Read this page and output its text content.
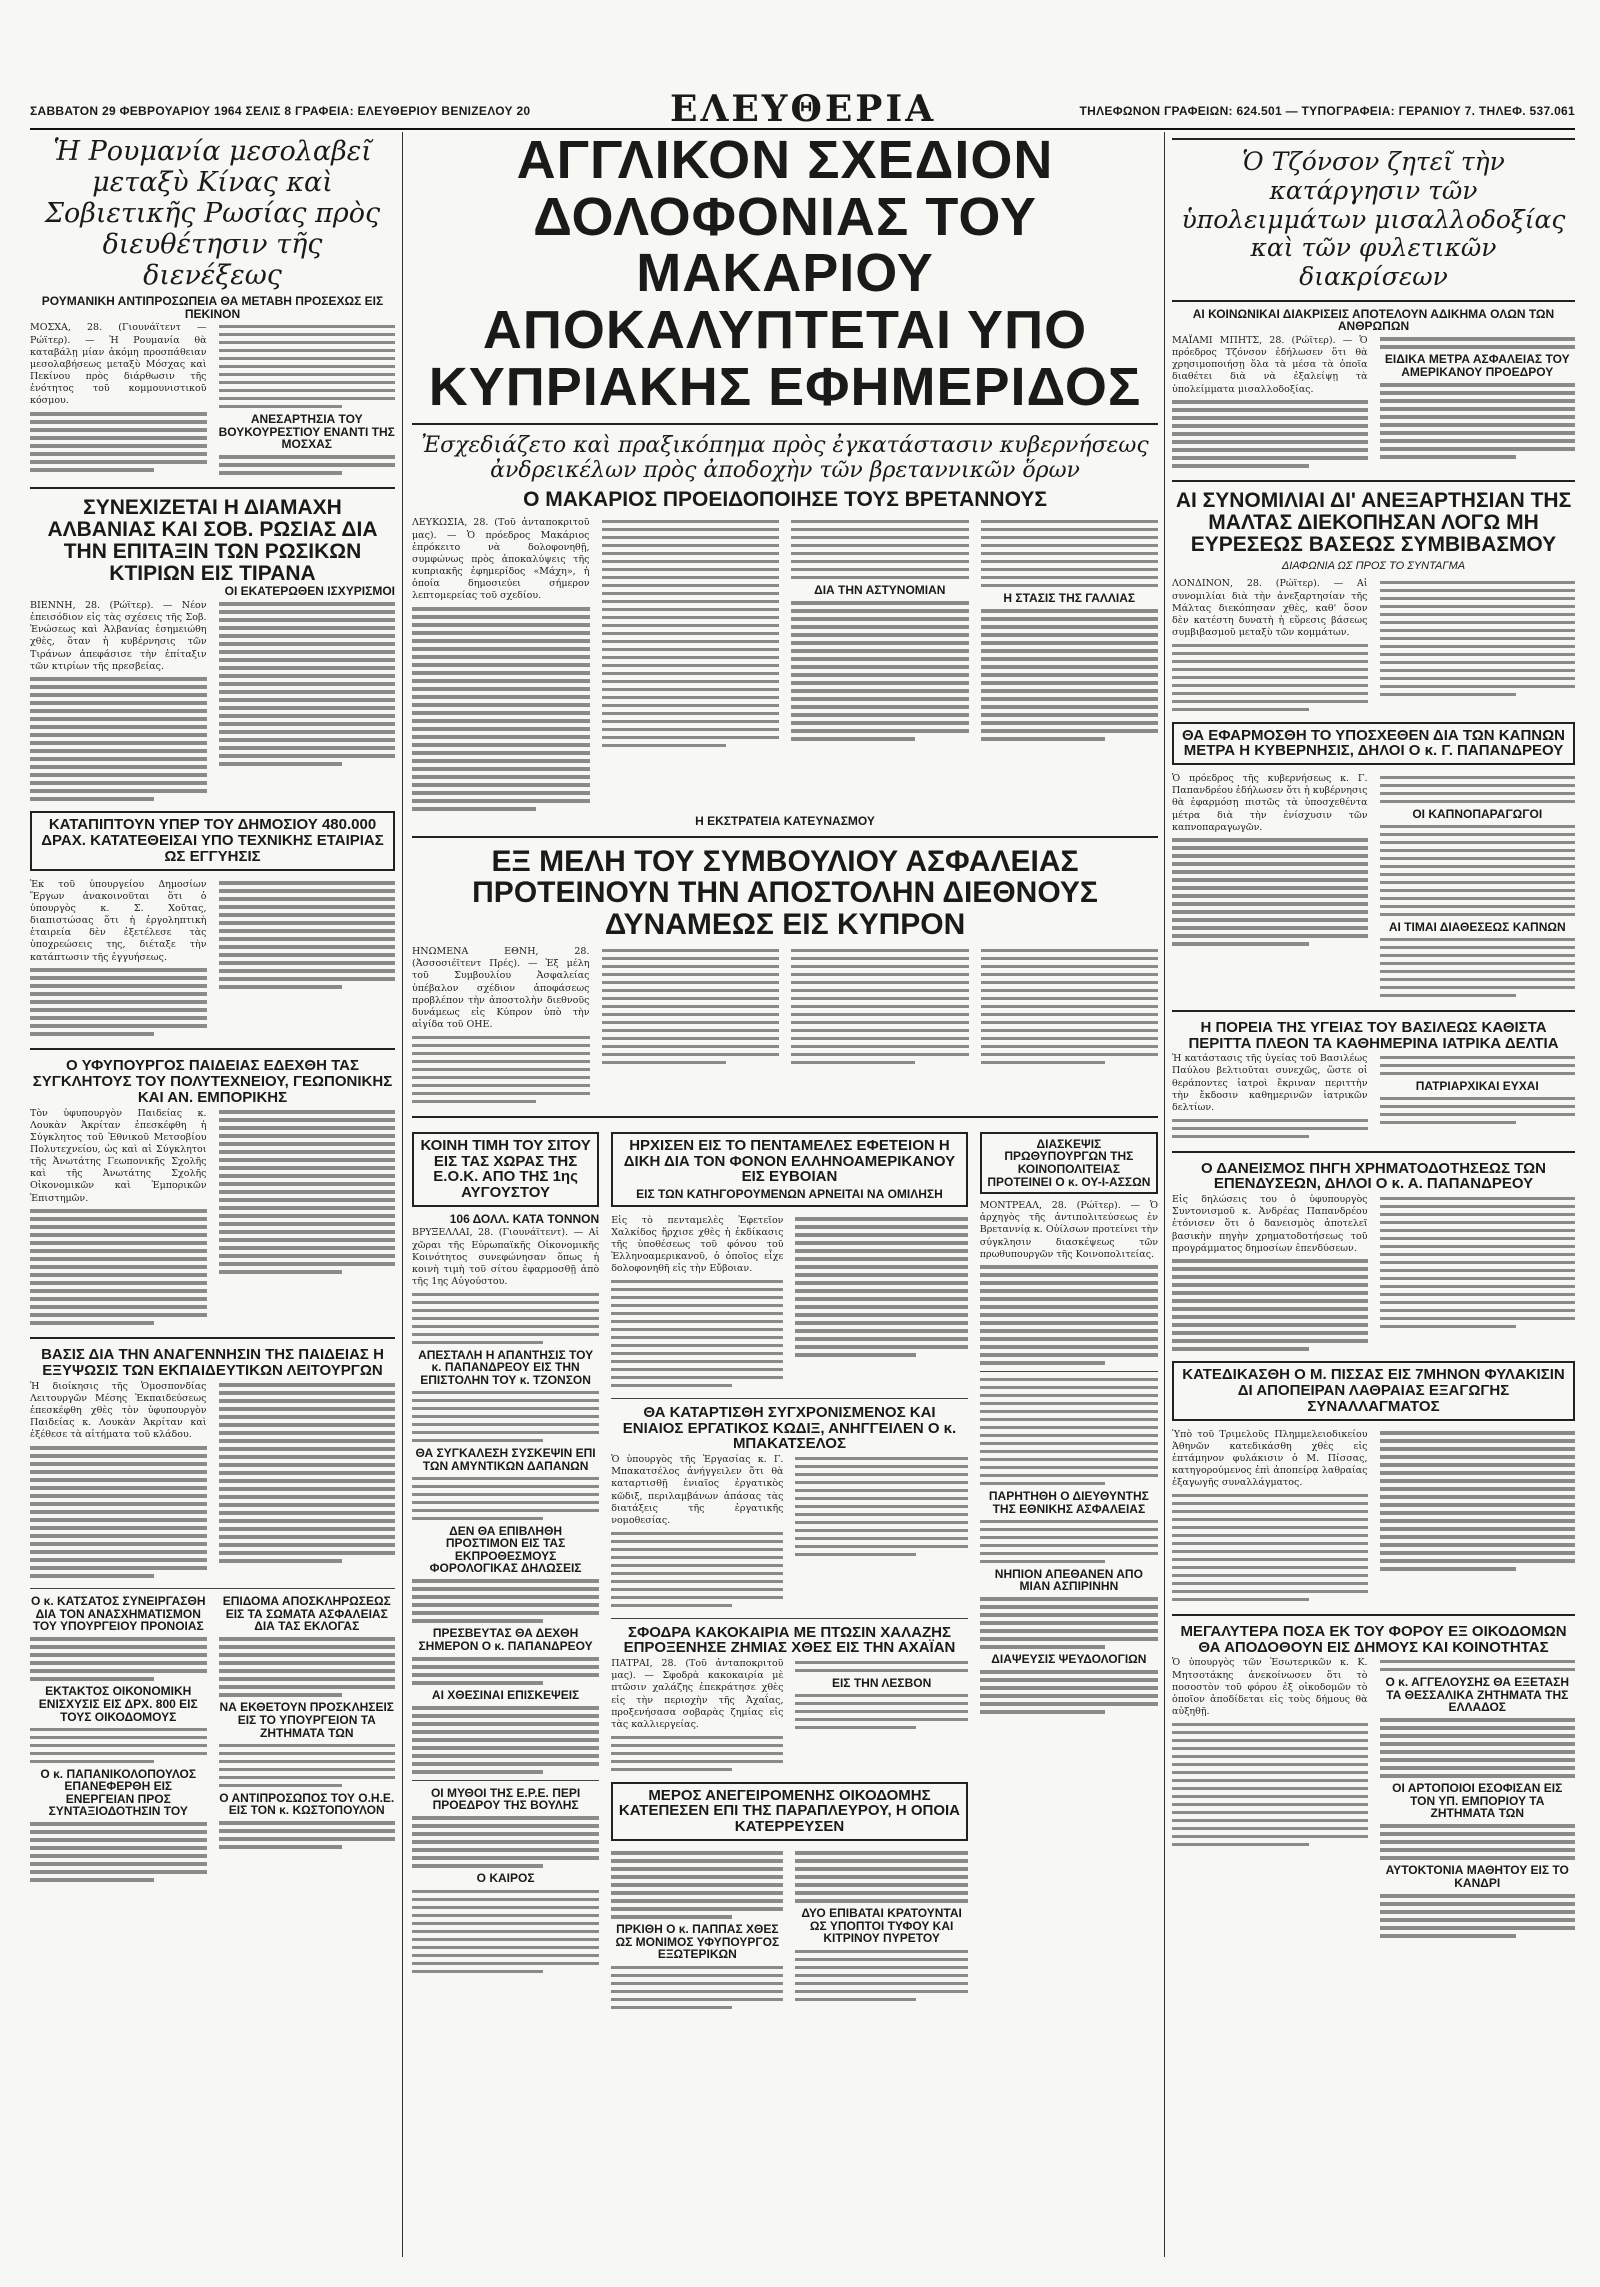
ΣΑΒΒΑΤΟΝ 29 ΦΕΒΡΟΥΑΡΙΟΥ 1964 ΣΕΛΙΣ 8 ΓΡΑΦΕΙΑ: ΕΛΕΥΘΕΡΙΟΥ ΒΕΝΙΖΕΛΟΥ 20	ΕΛΕΥΘΕΡΙΑ	ΤΗΛΕΦΩΝΟΝ ΓΡΑΦΕΙΩΝ: 624.501 — ΤΥΠΟΓΡΑΦΕΙΑ: ΓΕΡΑΝΙΟΥ 7. ΤΗΛΕΦ. 537.061

Ἡ Ρουμανία μεσολαβεῖ μεταξὺ Κίνας καὶ Σοβιετικῆς Ρωσίας πρὸς διευθέτησιν τῆς διενέξεως

ΡΟΥΜΑΝΙΚΗ ΑΝΤΙΠΡΟΣΩΠΕΙΑ ΘΑ ΜΕΤΑΒΗ ΠΡΟΣΕΧΩΣ ΕΙΣ ΠΕΚΙΝΟΝ

ΜΟΣΧΑ, 28. (Γιουνάϊτεντ — Ρώϊτερ). — Ἡ Ρουμανία θὰ καταβάλῃ μίαν ἀκόμη προσπάθειαν μεσολαβήσεως μεταξὺ Μόσχας καὶ Πεκίνου πρὸς διάρθωσιν τῆς ἑνότητος τοῦ κομμουνιστικοῦ κόσμου.

ΑΝΕΣΑΡΤΗΣΙΑ ΤΟΥ ΒΟΥΚΟΥΡΕΣΤΙΟΥ ΕΝΑΝΤΙ ΤΗΣ ΜΟΣΧΑΣ

ΣΥΝΕΧΙΖΕΤΑΙ Η ΔΙΑΜΑΧΗ ΑΛΒΑΝΙΑΣ ΚΑΙ ΣΟΒ. ΡΩΣΙΑΣ ΔΙΑ ΤΗΝ ΕΠΙΤΑΞΙΝ ΤΩΝ ΡΩΣΙΚΩΝ ΚΤΙΡΙΩΝ ΕΙΣ ΤΙΡΑΝΑ

ΟΙ ΕΚΑΤΕΡΩΘΕΝ ΙΣΧΥΡΙΣΜΟΙ

ΒΙΕΝΝΗ, 28. (Ρώϊτερ). — Νέον ἐπεισόδιον εἰς τὰς σχέσεις τῆς Σοβ. Ἑνώσεως καὶ Ἀλβανίας ἐσημειώθη χθὲς, ὅταν ἡ κυβέρνησις τῶν Τιράνων ἀπεφάσισε τὴν ἐπίταξιν τῶν κτιρίων τῆς πρεσβείας.

ΚΑΤΑΠΙΠΤΟΥΝ ΥΠΕΡ ΤΟΥ ΔΗΜΟΣΙΟΥ 480.000 ΔΡΑΧ. ΚΑΤΑΤΕΘΕΙΣΑΙ ΥΠΟ ΤΕΧΝΙΚΗΣ ΕΤΑΙΡΙΑΣ ΩΣ ΕΓΓΥΗΣΙΣ

Ἐκ τοῦ ὑπουργείου Δημοσίων Ἔργων ἀνακοινοῦται ὅτι ὁ ὑπουργὸς κ. Σ. Χοῦτας, διαπιστώσας ὅτι ἡ ἐργοληπτικὴ ἑταιρεία δὲν ἐξετέλεσε τὰς ὑποχρεώσεις της, διέταξε τὴν κατάπτωσιν τῆς ἐγγυήσεως.

Ο ΥΦΥΠΟΥΡΓΟΣ ΠΑΙΔΕΙΑΣ ΕΔΕΧΘΗ ΤΑΣ ΣΥΓΚΛΗΤΟΥΣ ΤΟΥ ΠΟΛΥΤΕΧΝΕΙΟΥ, ΓΕΩΠΟΝΙΚΗΣ ΚΑΙ ΑΝ. ΕΜΠΟΡΙΚΗΣ

Τὸν ὑφυπουργὸν Παιδείας κ. Λουκὰν Ἀκρίταν ἐπεσκέφθη ἡ Σύγκλητος τοῦ Ἐθνικοῦ Μετσοβίου Πολυτεχνείου, ὡς καὶ αἱ Σύγκλητοι τῆς Ἀνωτάτης Γεωπονικῆς Σχολῆς καὶ τῆς Ἀνωτάτης Σχολῆς Οἰκονομικῶν καὶ Ἐμπορικῶν Ἐπιστημῶν.

ΒΑΣΙΣ ΔΙΑ ΤΗΝ ΑΝΑΓΕΝΝΗΣΙΝ ΤΗΣ ΠΑΙΔΕΙΑΣ Η ΕΞΥΨΩΣΙΣ ΤΩΝ ΕΚΠΑΙΔΕΥΤΙΚΩΝ ΛΕΙΤΟΥΡΓΩΝ

Ἡ διοίκησις τῆς Ὁμοσπονδίας Λειτουργῶν Μέσης Ἐκπαιδεύσεως ἐπεσκέφθη χθὲς τὸν ὑφυπουργὸν Παιδείας κ. Λουκὰν Ἀκρίταν καὶ ἐξέθεσε τὰ αἰτήματα τοῦ κλάδου.

Ο κ. ΚΑΤΣΑΤΟΣ ΣΥΝΕΙΡΓΑΣΘΗ ΔΙΑ ΤΟΝ ΑΝΑΣΧΗΜΑΤΙΣΜΟΝ ΤΟΥ ΥΠΟΥΡΓΕΙΟΥ ΠΡΟΝΟΙΑΣ

ΕΚΤΑΚΤΟΣ ΟΙΚΟΝΟΜΙΚΗ ΕΝΙΣΧΥΣΙΣ ΕΙΣ ΔΡΧ. 800 ΕΙΣ ΤΟΥΣ ΟΙΚΟΔΟΜΟΥΣ

Ο κ. ΠΑΠΑΝΙΚΟΛΟΠΟΥΛΟΣ ΕΠΑΝΕΦΕΡΘΗ ΕΙΣ ΕΝΕΡΓΕΙΑΝ ΠΡΟΣ ΣΥΝΤΑΞΙΟΔΟΤΗΣΙΝ ΤΟΥ

ΕΠΙΔΟΜΑ ΑΠΟΣΚΛΗΡΩΣΕΩΣ ΕΙΣ ΤΑ ΣΩΜΑΤΑ ΑΣΦΑΛΕΙΑΣ ΔΙΑ ΤΑΣ ΕΚΛΟΓΑΣ

ΝΑ ΕΚΘΕΤΟΥΝ ΠΡΟΣΚΛΗΣΕΙΣ ΕΙΣ ΤΟ ΥΠΟΥΡΓΕΙΟΝ ΤΑ ΖΗΤΗΜΑΤΑ ΤΩΝ

Ο ΑΝΤΙΠΡΟΣΩΠΟΣ ΤΟΥ Ο.Η.Ε. ΕΙΣ ΤΟΝ κ. ΚΩΣΤΟΠΟΥΛΟΝ

ΑΓΓΛΙΚΟΝ ΣΧΕΔΙΟΝ ΔΟΛΟΦΟΝΙΑΣ ΤΟΥ ΜΑΚΑΡΙΟΥ ΑΠΟΚΑΛΥΠΤΕΤΑΙ ΥΠΟ ΚΥΠΡΙΑΚΗΣ ΕΦΗΜΕΡΙΔΟΣ

Ἐσχεδιάζετο καὶ πραξικόπημα πρὸς ἐγκατάστασιν κυβερνήσεως ἀνδρεικέλων πρὸς ἀποδοχὴν τῶν βρεταννικῶν ὅρων

Ο ΜΑΚΑΡΙΟΣ ΠΡΟΕΙΔΟΠΟΙΗΣΕ ΤΟΥΣ ΒΡΕΤΑΝΝΟΥΣ

ΛΕΥΚΩΣΙΑ, 28. (Τοῦ ἀνταποκριτοῦ μας). — Ὁ πρόεδρος Μακάριος ἐπρόκειτο νὰ δολοφονηθῇ, συμφώνως πρὸς ἀποκαλύψεις τῆς κυπριακῆς ἐφημερίδος «Μάχη», ἡ ὁποία δημοσιεύει σήμερον λεπτομερείας τοῦ σχεδίου.	ΔΙΑ ΤΗΝ ΑΣΤΥΝΟΜΙΑΝ

Η ΣΤΑΣΙΣ ΤΗΣ ΓΑΛΛΙΑΣ

Η ΕΚΣΤΡΑΤΕΙΑ ΚΑΤΕΥΝΑΣΜΟΥ

ΕΞ ΜΕΛΗ ΤΟΥ ΣΥΜΒΟΥΛΙΟΥ ΑΣΦΑΛΕΙΑΣ ΠΡΟΤΕΙΝΟΥΝ ΤΗΝ ΑΠΟΣΤΟΛΗΝ ΔΙΕΘΝΟΥΣ ΔΥΝΑΜΕΩΣ ΕΙΣ ΚΥΠΡΟΝ

ΗΝΩΜΕΝΑ ΕΘΝΗ, 28. (Ἀσσοσιέϊτεντ Πρές). — Ἐξ μέλη τοῦ Συμβουλίου Ἀσφαλείας ὑπέβαλον σχέδιον ἀποφάσεως προβλέπον τὴν ἀποστολὴν διεθνοῦς δυνάμεως εἰς Κύπρον ὑπὸ τὴν αἰγίδα τοῦ ΟΗΕ.

ΚΟΙΝΗ ΤΙΜΗ ΤΟΥ ΣΙΤΟΥ ΕΙΣ ΤΑΣ ΧΩΡΑΣ ΤΗΣ Ε.Ο.Κ. ΑΠΟ ΤΗΣ 1ης ΑΥΓΟΥΣΤΟΥ

106 ΔΟΛΛ. ΚΑΤΑ ΤΟΝΝΟΝ

ΒΡΥΞΕΛΛΑΙ, 28. (Γιουνάϊτεντ). — Αἱ χῶραι τῆς Εὐρωπαϊκῆς Οἰκονομικῆς Κοινότητος συνεφώνησαν ὅπως ἡ κοινὴ τιμὴ τοῦ σίτου ἐφαρμοσθῇ ἀπὸ τῆς 1ης Αὐγούστου.

ΑΠΕΣΤΑΛΗ Η ΑΠΑΝΤΗΣΙΣ ΤΟΥ κ. ΠΑΠΑΝΔΡΕΟΥ ΕΙΣ ΤΗΝ ΕΠΙΣΤΟΛΗΝ ΤΟΥ κ. ΤΖΟΝΣΟΝ

ΘΑ ΣΥΓΚΑΛΕΣΗ ΣΥΣΚΕΨΙΝ ΕΠΙ ΤΩΝ ΑΜΥΝΤΙΚΩΝ ΔΑΠΑΝΩΝ

ΔΕΝ ΘΑ ΕΠΙΒΛΗΘΗ ΠΡΟΣΤΙΜΟΝ ΕΙΣ ΤΑΣ ΕΚΠΡΟΘΕΣΜΟΥΣ ΦΟΡΟΛΟΓΙΚΑΣ ΔΗΛΩΣΕΙΣ

ΠΡΕΣΒΕΥΤΑΣ ΘΑ ΔΕΧΘΗ ΣΗΜΕΡΟΝ Ο κ. ΠΑΠΑΝΔΡΕΟΥ

ΑΙ ΧΘΕΣΙΝΑΙ ΕΠΙΣΚΕΨΕΙΣ

ΟΙ ΜΥΘΟΙ ΤΗΣ Ε.Ρ.Ε. ΠΕΡΙ ΠΡΟΕΔΡΟΥ ΤΗΣ ΒΟΥΛΗΣ

Ο ΚΑΙΡΟΣ

ΗΡΧΙΣΕΝ ΕΙΣ ΤΟ ΠΕΝΤΑΜΕΛΕΣ ΕΦΕΤΕΙΟΝ Η ΔΙΚΗ ΔΙΑ ΤΟΝ ΦΟΝΟΝ ΕΛΛΗΝΟΑΜΕΡΙΚΑΝΟΥ ΕΙΣ ΕΥΒΟΙΑΝ

ΕΙΣ ΤΩΝ ΚΑΤΗΓΟΡΟΥΜΕΝΩΝ ΑΡΝΕΙΤΑΙ ΝΑ ΟΜΙΛΗΣΗ

Εἰς τὸ πενταμελὲς Ἐφετεῖον Χαλκίδος ἤρχισε χθὲς ἡ ἐκδίκασις τῆς ὑποθέσεως τοῦ φόνου τοῦ Ἑλληνοαμερικανοῦ, ὁ ὁποῖος εἶχε δολοφονηθῆ εἰς τὴν Εὔβοιαν.

ΘΑ ΚΑΤΑΡΤΙΣΘΗ ΣΥΓΧΡΟΝΙΣΜΕΝΟΣ ΚΑΙ ΕΝΙΑΙΟΣ ΕΡΓΑΤΙΚΟΣ ΚΩΔΙΞ, ΑΝΗΓΓΕΙΛΕΝ Ο κ. ΜΠΑΚΑΤΣΕΛΟΣ

Ὁ ὑπουργὸς τῆς Ἐργασίας κ. Γ. Μπακατσέλος ἀνήγγειλεν ὅτι θὰ καταρτισθῇ ἑνιαῖος ἐργατικὸς κῶδιξ, περιλαμβάνων ἁπάσας τὰς διατάξεις τῆς ἐργατικῆς νομοθεσίας.

ΣΦΟΔΡΑ ΚΑΚΟΚΑΙΡΙΑ ΜΕ ΠΤΩΣΙΝ ΧΑΛΑΖΗΣ ΕΠΡΟΞΕΝΗΣΕ ΖΗΜΙΑΣ ΧΘΕΣ ΕΙΣ ΤΗΝ ΑΧΑΪΑΝ

ΠΑΤΡΑΙ, 28. (Τοῦ ἀνταποκριτοῦ μας). — Σφοδρὰ κακοκαιρία μὲ πτῶσιν χαλάζης ἐπεκράτησε χθὲς εἰς τὴν περιοχὴν τῆς Ἀχαΐας, προξενήσασα σοβαρὰς ζημίας εἰς τὰς καλλιεργείας.

ΕΙΣ ΤΗΝ ΛΕΣΒΟΝ

ΜΕΡΟΣ ΑΝΕΓΕΙΡΟΜΕΝΗΣ ΟΙΚΟΔΟΜΗΣ ΚΑΤΕΠΕΣΕΝ ΕΠΙ ΤΗΣ ΠΑΡΑΠΛΕΥΡΟΥ, Η ΟΠΟΙΑ ΚΑΤΕΡΡΕΥΣΕΝ

ΠΡΚΙΘΗ Ο κ. ΠΑΠΠΑΣ ΧΘΕΣ ΩΣ ΜΟΝΙΜΟΣ ΥΦΥΠΟΥΡΓΟΣ ΕΞΩΤΕΡΙΚΩΝ

ΔΥΟ ΕΠΙΒΑΤΑΙ ΚΡΑΤΟΥΝΤΑΙ ΩΣ ΥΠΟΠΤΟΙ ΤΥΦΟΥ ΚΑΙ ΚΙΤΡΙΝΟΥ ΠΥΡΕΤΟΥ

ΔΙΑΣΚΕΨΙΣ ΠΡΩΘΥΠΟΥΡΓΩΝ ΤΗΣ ΚΟΙΝΟΠΟΛΙΤΕΙΑΣ ΠΡΟΤΕΙΝΕΙ Ο κ. ΟΥ-Ι-ΑΣΣΩΝ

ΜΟΝΤΡΕΑΛ, 28. (Ρώϊτερ). — Ὁ ἀρχηγὸς τῆς ἀντιπολιτεύσεως ἐν Βρεταννίᾳ κ. Οὐίλσων προτείνει τὴν σύγκλησιν διασκέψεως τῶν πρωθυπουργῶν τῆς Κοινοπολιτείας.

ΠΑΡΗΤΗΘΗ Ο ΔΙΕΥΘΥΝΤΗΣ ΤΗΣ ΕΘΝΙΚΗΣ ΑΣΦΑΛΕΙΑΣ

ΝΗΠΙΟΝ ΑΠΕΘΑΝΕΝ ΑΠΟ ΜΙΑΝ ΑΣΠΙΡΙΝΗΝ

ΔΙΑΨΕΥΣΙΣ ΨΕΥΔΟΛΟΓΙΩΝ

Ὁ Τζόνσον ζητεῖ τὴν κατάργησιν τῶν ὑπολειμμάτων μισαλλοδοξίας καὶ τῶν φυλετικῶν διακρίσεων

ΑΙ ΚΟΙΝΩΝΙΚΑΙ ΔΙΑΚΡΙΣΕΙΣ ΑΠΟΤΕΛΟΥΝ ΑΔΙΚΗΜΑ ΟΛΩΝ ΤΩΝ ΑΝΘΡΩΠΩΝ

ΜΑΪΑΜΙ ΜΠΗΤΣ, 28. (Ρώϊτερ). — Ὁ πρόεδρος Τζόνσον ἐδήλωσεν ὅτι θὰ χρησιμοποιήσῃ ὅλα τὰ μέσα τὰ ὁποῖα διαθέτει διὰ νὰ ἐξαλείψῃ τὰ ὑπολείμματα μισαλλοδοξίας.

ΕΙΔΙΚΑ ΜΕΤΡΑ ΑΣΦΑΛΕΙΑΣ ΤΟΥ ΑΜΕΡΙΚΑΝΟΥ ΠΡΟΕΔΡΟΥ

ΑΙ ΣΥΝΟΜΙΛΙΑΙ ΔΙ' ΑΝΕΞΑΡΤΗΣΙΑΝ ΤΗΣ ΜΑΛΤΑΣ ΔΙΕΚΟΠΗΣΑΝ ΛΟΓΩ ΜΗ ΕΥΡΕΣΕΩΣ ΒΑΣΕΩΣ ΣΥΜΒΙΒΑΣΜΟΥ

ΔΙΑΦΩΝΙΑ ΩΣ ΠΡΟΣ ΤΟ ΣΥΝΤΑΓΜΑ

ΛΟΝΔΙΝΟΝ, 28. (Ρώϊτερ). — Αἱ συνομιλίαι διὰ τὴν ἀνεξαρτησίαν τῆς Μάλτας διεκόπησαν χθὲς, καθ' ὅσον δὲν κατέστη δυνατὴ ἡ εὕρεσις βάσεως συμβιβασμοῦ μεταξὺ τῶν κομμάτων.

ΘΑ ΕΦΑΡΜΟΣΘΗ ΤΟ ΥΠΟΣΧΕΘΕΝ ΔΙΑ ΤΩΝ ΚΑΠΝΩΝ ΜΕΤΡΑ Η ΚΥΒΕΡΝΗΣΙΣ, ΔΗΛΟΙ Ο κ. Γ. ΠΑΠΑΝΔΡΕΟΥ

Ὁ πρόεδρος τῆς κυβερνήσεως κ. Γ. Παπανδρέου ἐδήλωσεν ὅτι ἡ κυβέρνησις θὰ ἐφαρμόσῃ πιστῶς τὰ ὑποσχεθέντα μέτρα διὰ τὴν ἐνίσχυσιν τῶν καπνοπαραγωγῶν.

ΟΙ ΚΑΠΝΟΠΑΡΑΓΩΓΟΙ

ΑΙ ΤΙΜΑΙ ΔΙΑΘΕΣΕΩΣ ΚΑΠΝΩΝ

Η ΠΟΡΕΙΑ ΤΗΣ ΥΓΕΙΑΣ ΤΟΥ ΒΑΣΙΛΕΩΣ ΚΑΘΙΣΤΑ ΠΕΡΙΤΤΑ ΠΛΕΟΝ ΤΑ ΚΑΘΗΜΕΡΙΝΑ ΙΑΤΡΙΚΑ ΔΕΛΤΙΑ

Ἡ κατάστασις τῆς ὑγείας τοῦ Βασιλέως Παύλου βελτιοῦται συνεχῶς, ὥστε οἱ θεράποντες ἰατροὶ ἔκριναν περιττὴν τὴν ἔκδοσιν καθημερινῶν ἰατρικῶν δελτίων.

ΠΑΤΡΙΑΡΧΙΚΑΙ ΕΥΧΑΙ

Ο ΔΑΝΕΙΣΜΟΣ ΠΗΓΗ ΧΡΗΜΑΤΟΔΟΤΗΣΕΩΣ ΤΩΝ ΕΠΕΝΔΥΣΕΩΝ, ΔΗΛΟΙ Ο κ. Α. ΠΑΠΑΝΔΡΕΟΥ

Εἰς δηλώσεις του ὁ ὑφυπουργὸς Συντονισμοῦ κ. Ἀνδρέας Παπανδρέου ἐτόνισεν ὅτι ὁ δανεισμὸς ἀποτελεῖ βασικὴν πηγὴν χρηματοδοτήσεως τοῦ προγράμματος δημοσίων ἐπενδύσεων.

ΚΑΤΕΔΙΚΑΣΘΗ Ο Μ. ΠΙΣΣΑΣ ΕΙΣ 7ΜΗΝΟΝ ΦΥΛΑΚΙΣΙΝ ΔΙ ΑΠΟΠΕΙΡΑΝ ΛΑΘΡΑΙΑΣ ΕΞΑΓΩΓΗΣ ΣΥΝΑΛΛΑΓΜΑΤΟΣ

Ὑπὸ τοῦ Τριμελοῦς Πλημμελειοδικείου Ἀθηνῶν κατεδικάσθη χθὲς εἰς ἑπτάμηνον φυλάκισιν ὁ Μ. Πίσσας, κατηγορούμενος ἐπὶ ἀποπείρᾳ λαθραίας ἐξαγωγῆς συναλλάγματος.

ΜΕΓΑΛΥΤΕΡΑ ΠΟΣΑ ΕΚ ΤΟΥ ΦΟΡΟΥ ΕΞ ΟΙΚΟΔΟΜΩΝ ΘΑ ΑΠΟΔΟΘΟΥΝ ΕΙΣ ΔΗΜΟΥΣ ΚΑΙ ΚΟΙΝΟΤΗΤΑΣ

Ὁ ὑπουργὸς τῶν Ἐσωτερικῶν κ. Κ. Μητσοτάκης ἀνεκοίνωσεν ὅτι τὸ ποσοστὸν τοῦ φόρου ἐξ οἰκοδομῶν τὸ ὁποῖον ἀποδίδεται εἰς τοὺς δήμους θὰ αὐξηθῇ.

Ο κ. ΑΓΓΕΛΟΥΣΗΣ ΘΑ ΕΞΕΤΑΣΗ ΤΑ ΘΕΣΣΑΛΙΚΑ ΖΗΤΗΜΑΤΑ ΤΗΣ ΕΛΛΑΔΟΣ

ΟΙ ΑΡΤΟΠΟΙΟΙ ΕΣΟΦΙΣΑΝ ΕΙΣ ΤΟΝ ΥΠ. ΕΜΠΟΡΙΟΥ ΤΑ ΖΗΤΗΜΑΤΑ ΤΩΝ

ΑΥΤΟΚΤΟΝΙΑ ΜΑΘΗΤΟΥ ΕΙΣ ΤΟ ΚΑΝΔΡΙ
